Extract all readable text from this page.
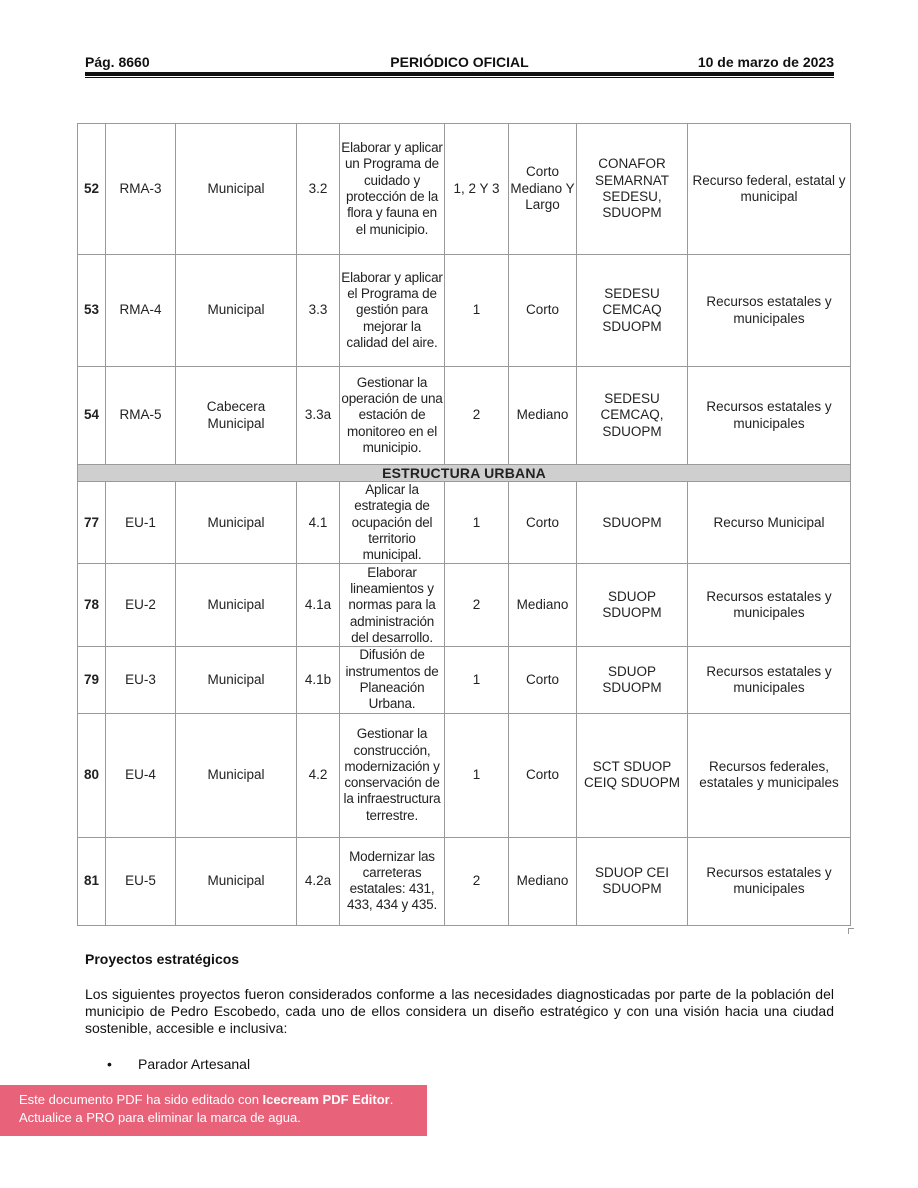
Pág. 8660	PERIÓDICO OFICIAL	10 de marzo de 2023
52	RMA-3	Municipal	3.2	Elaborar y aplicar un Programa de cuidado y protección de la flora y fauna en el municipio.	1, 2 Y 3	Corto Mediano Y Largo	CONAFOR SEMARNAT SEDESU, SDUOPM	Recurso federal, estatal y municipal
53	RMA-4	Municipal	3.3	Elaborar y aplicar el Programa de gestión para mejorar la calidad del aire.	1	Corto	SEDESU CEMCAQ SDUOPM	Recursos estatales y municipales
54	RMA-5	Cabecera Municipal	3.3a	Gestionar la operación de una estación de monitoreo en el municipio.	2	Mediano	SEDESU CEMCAQ, SDUOPM	Recursos estatales y municipales
ESTRUCTURA URBANA								
77	EU-1	Municipal	4.1	Aplicar la estrategia de ocupación del territorio municipal.	1	Corto	SDUOPM	Recurso Municipal
78	EU-2	Municipal	4.1a	Elaborar lineamientos y normas para la administración del desarrollo.	2	Mediano	SDUOP SDUOPM	Recursos estatales y municipales
79	EU-3	Municipal	4.1b	Difusión de instrumentos de Planeación Urbana.	1	Corto	SDUOP SDUOPM	Recursos estatales y municipales
80	EU-4	Municipal	4.2	Gestionar la construcción, modernización y conservación de la infraestructura terrestre.	1	Corto	SCT SDUOP CEIQ SDUOPM	Recursos federales, estatales y municipales
81	EU-5	Municipal	4.2a	Modernizar las carreteras estatales: 431, 433, 434 y 435.	2	Mediano	SDUOP CEI SDUOPM	Recursos estatales y municipales
Proyectos estratégicos
Los siguientes proyectos fueron considerados conforme a las necesidades diagnosticadas por parte de la población del municipio de Pedro Escobedo, cada uno de ellos considera un diseño estratégico y con una visión hacia una ciudad sostenible, accesible e inclusiva:
• Parador Artesanal
Este documento PDF ha sido editado con Icecream PDF Editor.
Actualice a PRO para eliminar la marca de agua.
